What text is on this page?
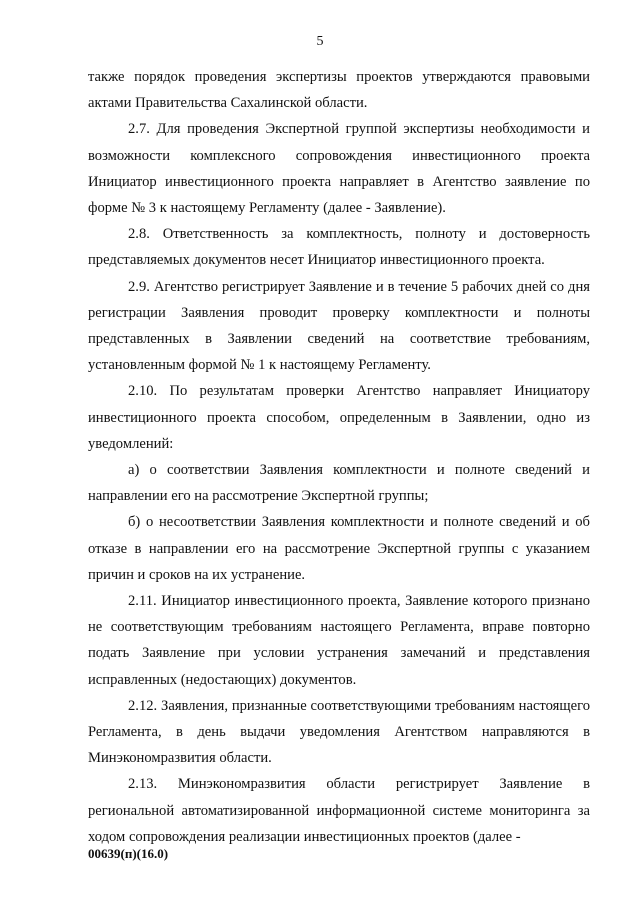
5

также порядок проведения экспертизы проектов утверждаются правовыми актами Правительства Сахалинской области.

2.7. Для проведения Экспертной группой экспертизы необходимости и возможности комплексного сопровождения инвестиционного проекта Инициатор инвестиционного проекта направляет в Агентство заявление по форме № 3 к настоящему Регламенту (далее - Заявление).

2.8. Ответственность за комплектность, полноту и достоверность представляемых документов несет Инициатор инвестиционного проекта.

2.9. Агентство регистрирует Заявление и в течение 5 рабочих дней со дня регистрации Заявления проводит проверку комплектности и полноты представленных в Заявлении сведений на соответствие требованиям, установленным формой № 1 к настоящему Регламенту.

2.10. По результатам проверки Агентство направляет Инициатору инвестиционного проекта способом, определенным в Заявлении, одно из уведомлений:

а) о соответствии Заявления комплектности и полноте сведений и направлении его на рассмотрение Экспертной группы;

б) о несоответствии Заявления комплектности и полноте сведений и об отказе в направлении его на рассмотрение Экспертной группы с указанием причин и сроков на их устранение.

2.11. Инициатор инвестиционного проекта, Заявление которого признано не соответствующим требованиям настоящего Регламента, вправе повторно подать Заявление при условии устранения замечаний и представления исправленных (недостающих) документов.

2.12. Заявления, признанные соответствующими требованиям настоящего Регламента, в день выдачи уведомления Агентством направляются в Минэкономразвития области.

2.13. Минэкономразвития области регистрирует Заявление в региональной автоматизированной информационной системе мониторинга за ходом сопровождения реализации инвестиционных проектов (далее -

00639(п)(16.0)
